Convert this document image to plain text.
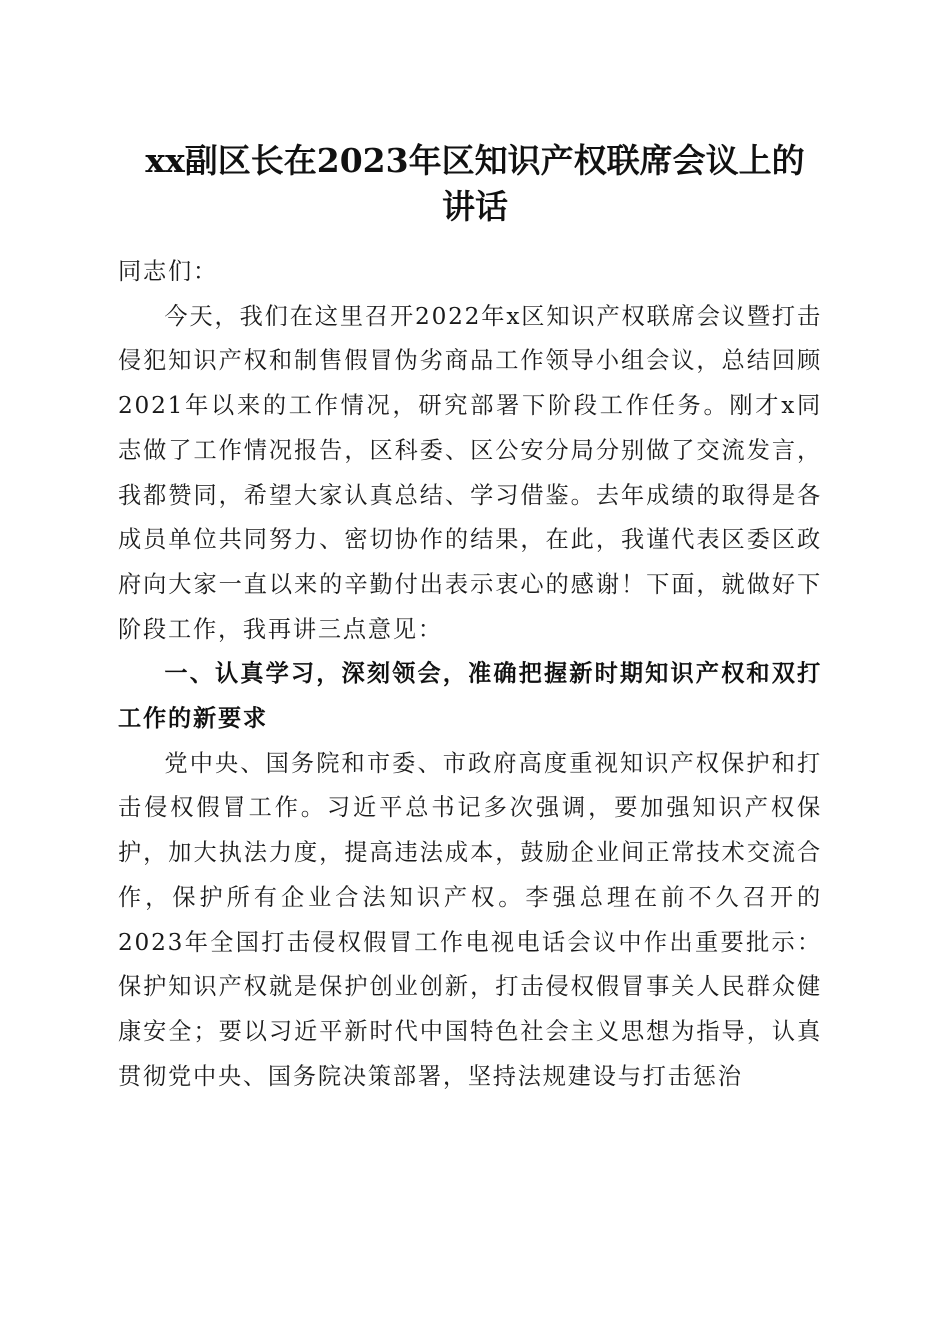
xx副区长在2023年区知识产权联席会议上的
讲话

同志们：

今天，我们在这里召开2022年x区知识产权联席会议暨打击侵犯知识产权和制售假冒伪劣商品工作领导小组会议，总结回顾2021年以来的工作情况，研究部署下阶段工作任务。刚才x同志做了工作情况报告，区科委、区公安分局分别做了交流发言，我都赞同，希望大家认真总结、学习借鉴。去年成绩的取得是各成员单位共同努力、密切协作的结果，在此，我谨代表区委区政府向大家一直以来的辛勤付出表示衷心的感谢！下面，就做好下阶段工作，我再讲三点意见：

一、认真学习，深刻领会，准确把握新时期知识产权和双打工作的新要求

党中央、国务院和市委、市政府高度重视知识产权保护和打击侵权假冒工作。习近平总书记多次强调，要加强知识产权保护，加大执法力度，提高违法成本，鼓励企业间正常技术交流合作，保护所有企业合法知识产权。李强总理在前不久召开的2023年全国打击侵权假冒工作电视电话会议中作出重要批示：保护知识产权就是保护创业创新，打击侵权假冒事关人民群众健康安全；要以习近平新时代中国特色社会主义思想为指导，认真贯彻党中央、国务院决策部署，坚持法规建设与打击惩治
